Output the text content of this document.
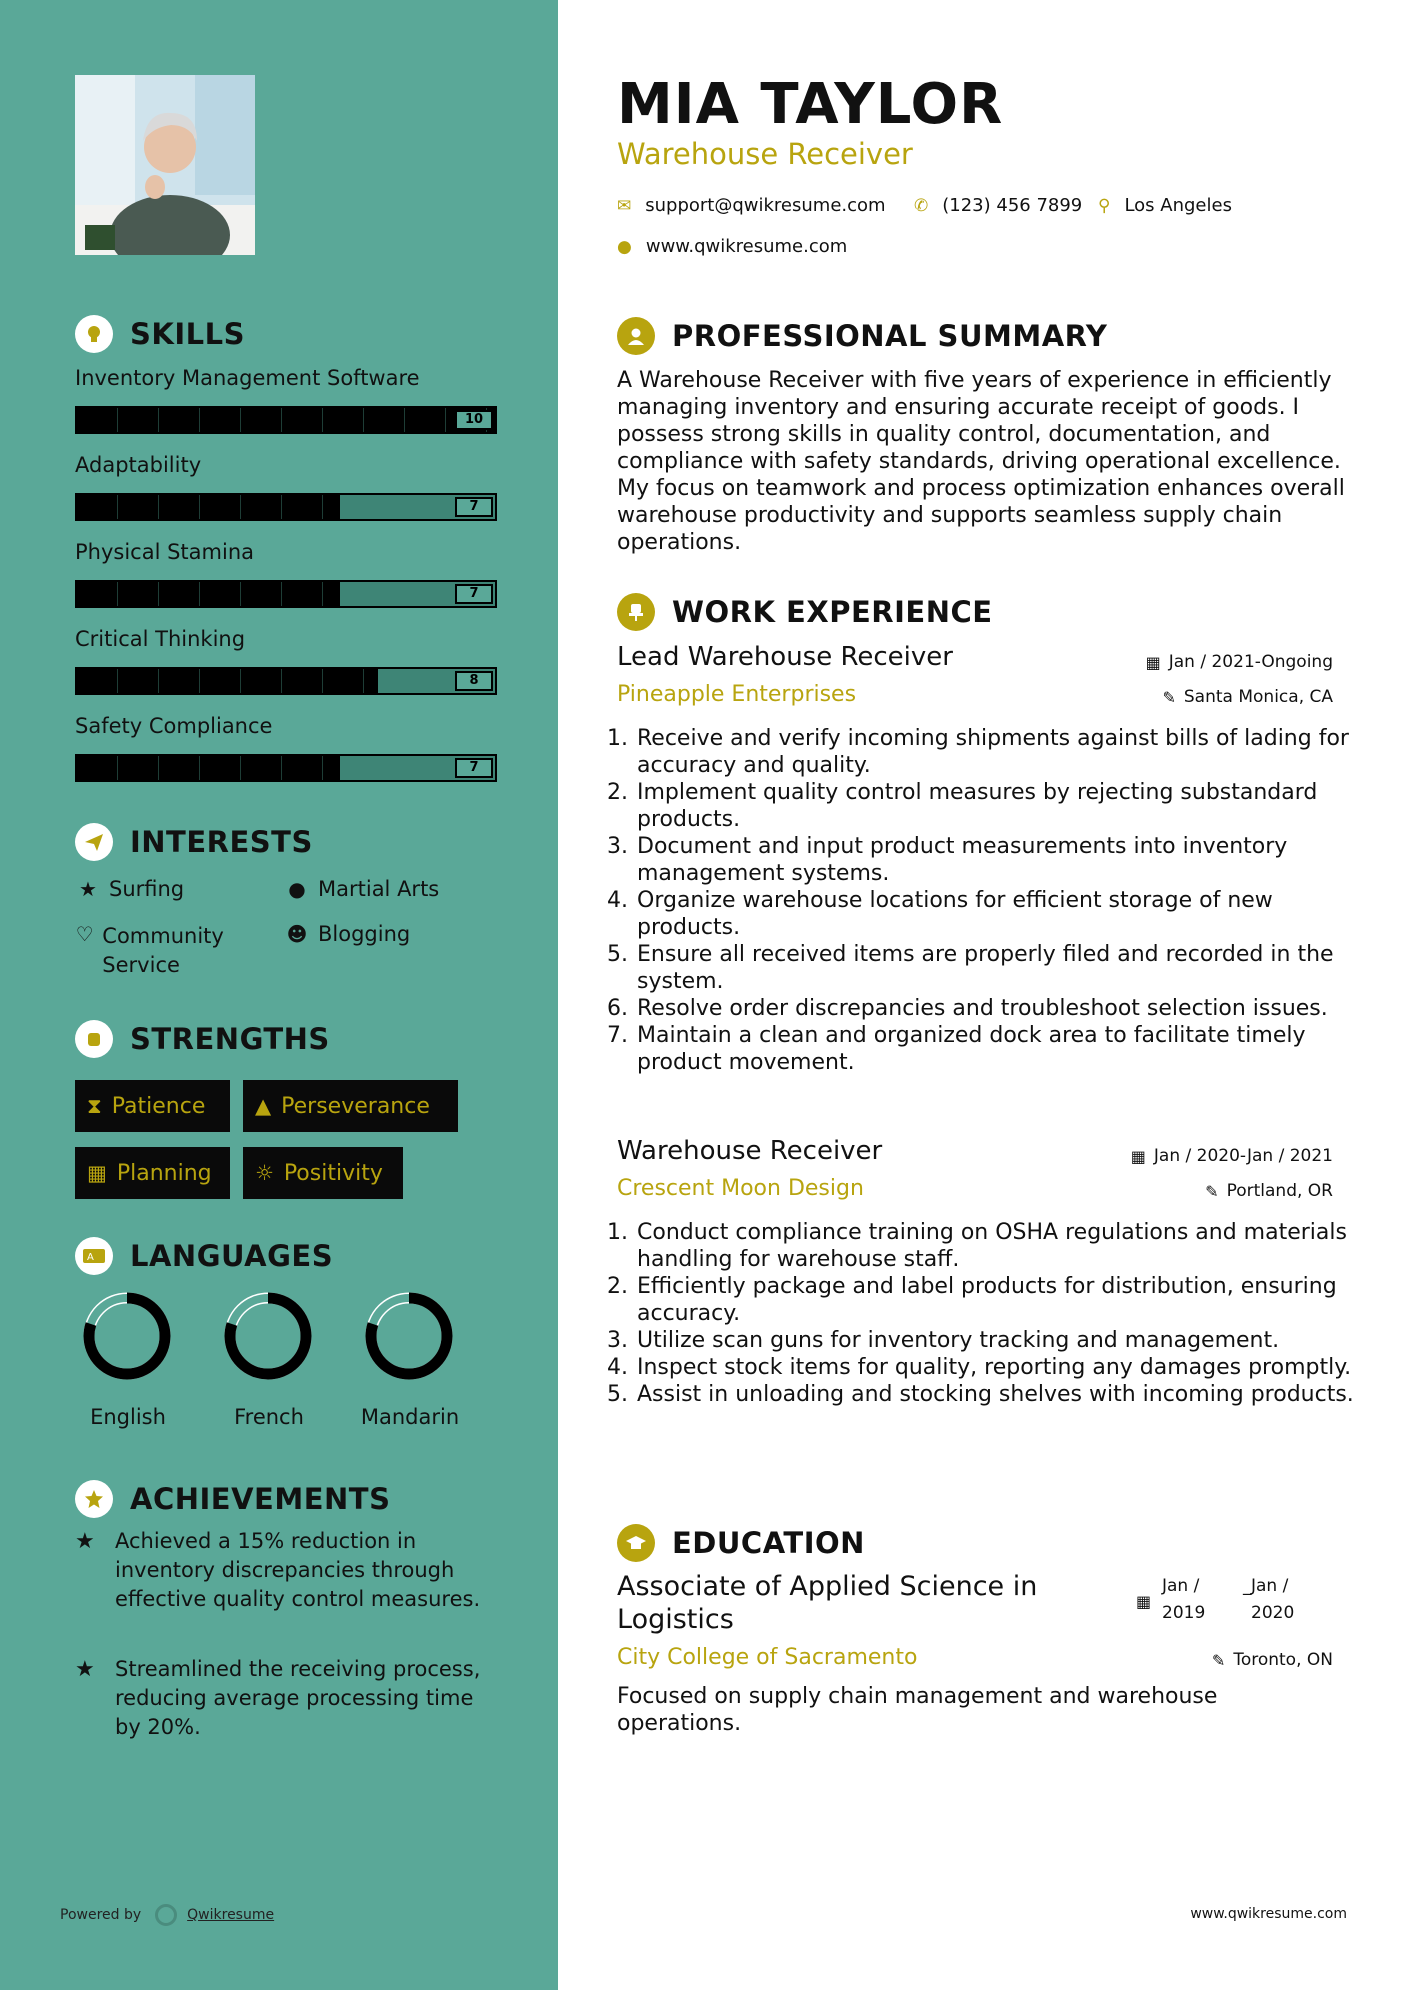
SKILLS
Inventory Management Software
10
Adaptability
7
Physical Stamina
7
Critical Thinking
8
Safety Compliance
7
INTERESTS
★ Surfing	● Martial Arts
♡ Community Service
☻ Blogging
STRENGTHS
⧗ Patience ▲ Perseverance
▦ Planning ☼ Positivity
A LANGUAGES
English	French	Mandarin
ACHIEVEMENTS
★ Achieved a 15% reduction in inventory discrepancies through effective quality control measures.
★ Streamlined the receiving process, reducing average processing time by 20%.
Powered by	Qwikresume
MIA TAYLOR
Warehouse Receiver
✉ support@qwikresume.com ✆ (123) 456 7899 ⚲ Los Angeles
● www.qwikresume.com
PROFESSIONAL SUMMARY
A Warehouse Receiver with five years of experience in efficiently managing inventory and ensuring accurate receipt of goods. I possess strong skills in quality control, documentation, and compliance with safety standards, driving operational excellence. My focus on teamwork and process optimization enhances overall warehouse productivity and supports seamless supply chain operations.
WORK EXPERIENCE
Lead Warehouse Receiver	▦ Jan / 2021-Ongoing
Pineapple Enterprises	✎ Santa Monica, CA
1. Receive and verify incoming shipments against bills of lading for accuracy and quality.
2. Implement quality control measures by rejecting substandard products.
3. Document and input product measurements into inventory management systems.
4. Organize warehouse locations for efficient storage of new products.
5. Ensure all received items are properly filed and recorded in the system.
6. Resolve order discrepancies and troubleshoot selection issues.
7. Maintain a clean and organized dock area to facilitate timely product movement.
Warehouse Receiver	▦ Jan / 2020-Jan / 2021
Crescent Moon Design	✎ Portland, OR
1. Conduct compliance training on OSHA regulations and materials handling for warehouse staff.
2. Efficiently package and label products for distribution, ensuring accuracy.
3. Utilize scan guns for inventory tracking and management.
4. Inspect stock items for quality, reporting any damages promptly.
5. Assist in unloading and stocking shelves with incoming products.
EDUCATION
Associate of Applied Science in Logistics
▦
Jan /
2019
_ Jan /
2020
City College of Sacramento	✎ Toronto, ON
Focused on supply chain management and warehouse operations.
www.qwikresume.com
